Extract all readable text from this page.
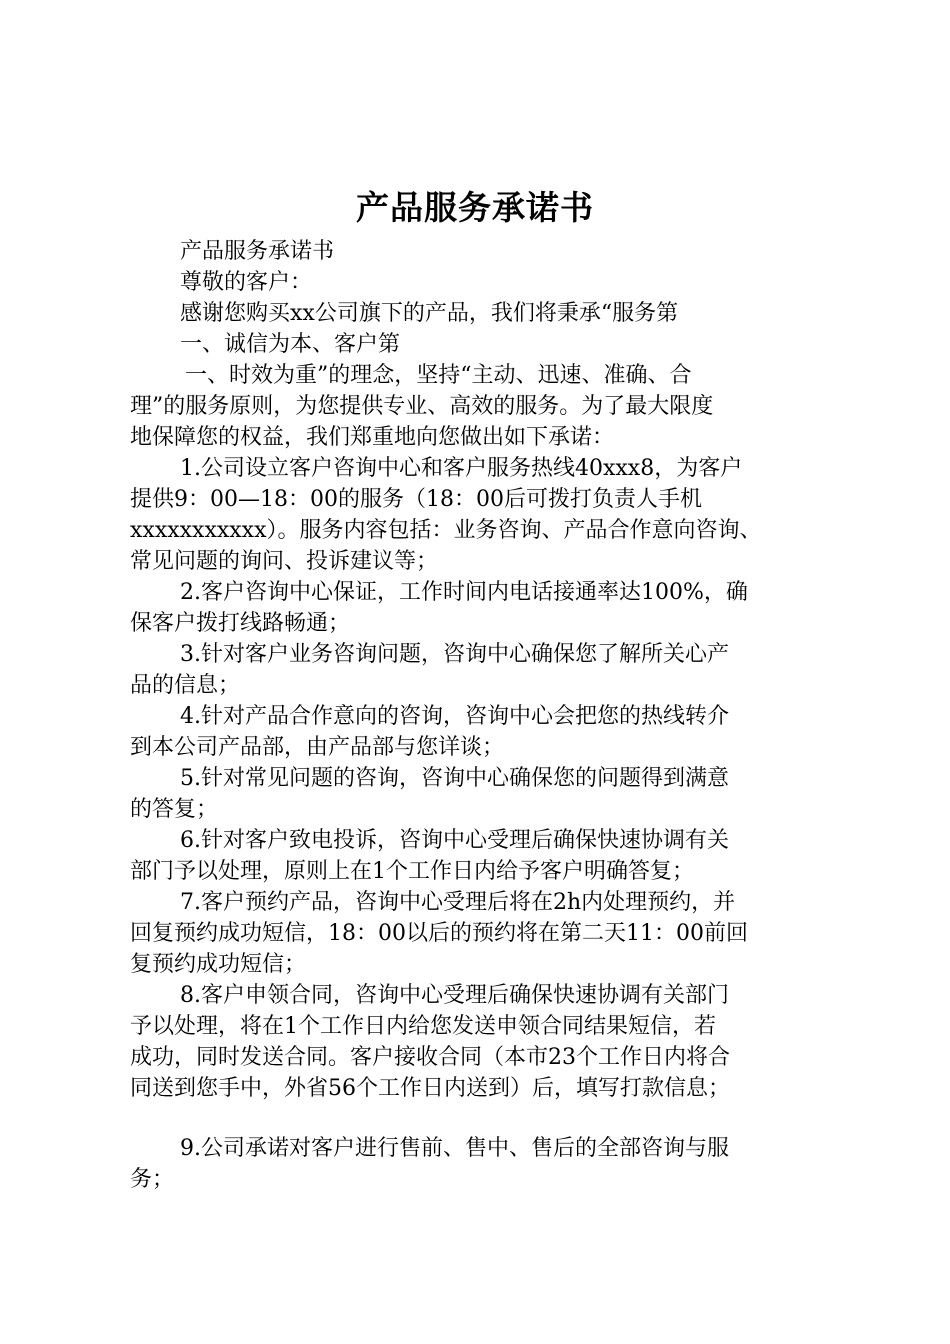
产品服务承诺书
产品服务承诺书
尊敬的客户：
感谢您购买xx公司旗下的产品，我们将秉承“服务第
一、诚信为本、客户第
一、时效为重”的理念，坚持“主动、迅速、准确、合
理”的服务原则，为您提供专业、高效的服务。为了最大限度
地保障您的权益，我们郑重地向您做出如下承诺：
1.公司设立客户咨询中心和客户服务热线40xxx8，为客户
提供9：00—18：00的服务（18：00后可拨打负责人手机
xxxxxxxxxxx）。服务内容包括：业务咨询、产品合作意向咨询、
常见问题的询问、投诉建议等；
2.客户咨询中心保证，工作时间内电话接通率达100%，确
保客户拨打线路畅通；
3.针对客户业务咨询问题，咨询中心确保您了解所关心产
品的信息；
4.针对产品合作意向的咨询，咨询中心会把您的热线转介
到本公司产品部，由产品部与您详谈；
5.针对常见问题的咨询，咨询中心确保您的问题得到满意
的答复；
6.针对客户致电投诉，咨询中心受理后确保快速协调有关
部门予以处理，原则上在1个工作日内给予客户明确答复；
7.客户预约产品，咨询中心受理后将在2h内处理预约，并
回复预约成功短信，18：00以后的预约将在第二天11：00前回
复预约成功短信；
8.客户申领合同，咨询中心受理后确保快速协调有关部门
予以处理，将在1个工作日内给您发送申领合同结果短信，若
成功，同时发送合同。客户接收合同（本市23个工作日内将合
同送到您手中，外省56个工作日内送到）后，填写打款信息；
9.公司承诺对客户进行售前、售中、售后的全部咨询与服
务；
